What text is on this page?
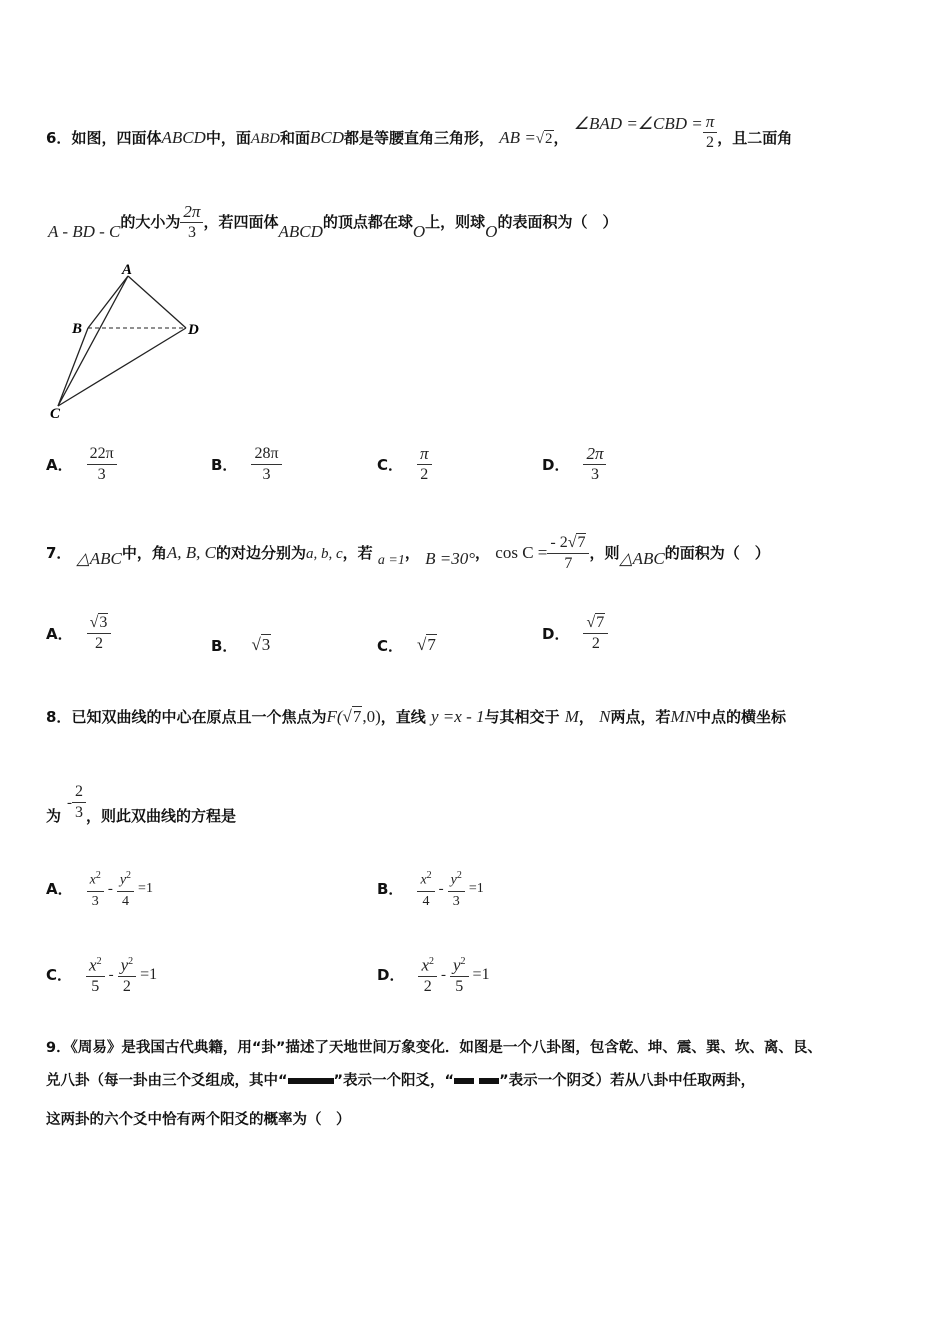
6．如图，四面体ABCD中，面ABD和面BCD都是等腰直角三角形， AB =√2， ∠BAD =∠CBD = $\frac{\pi}{2}$ ，且二面角
A - BD - C的大小为 $\frac{2\pi}{3}$ ，若四面体ABCD的顶点都在球O上，则球O的表面积为（　）
A
B	D
C
A． $\frac{22\pi}{3}$	B． $\frac{28\pi}{3}$	C． $\frac{\pi}{2}$	D． $\frac{2\pi}{3}$
7． △ABC中，角A, B, C的对边分别为a, b, c，若 a =1， B =30°， $\cos C = \frac{- 2√7}{7}$ ，则△ABC的面积为（　）
A． $\frac{√3}{2}$	B． √3	C． √7
D． $\frac{√7}{2}$
8．已知双曲线的中心在原点且一个焦点为F(√7,0)，直线 y =x - 1与其相交于 M， N两点，若MN中点的横坐标
为- $\frac{2}{3}$ ，则此双曲线的方程是
A． $\frac{x^2}{3} - \frac{y^2}{4} =1$	B． $\frac{x^2}{4} - \frac{y^2}{3} =1$
C． $\frac{x^2}{5} - \frac{y^2}{2} =1$	D． $\frac{x^2}{2} - \frac{y^2}{5} =1$
9．《周易》是我国古代典籍，用“卦”描述了天地世间万象变化．如图是一个八卦图，包含乾、坤、震、巽、坎、离、艮、
兑八卦（每一卦由三个爻组成，其中“	”表示一个阳爻，“	”表示一个阴爻）若从八卦中任取两卦，
这两卦的六个爻中恰有两个阳爻的概率为（　）
